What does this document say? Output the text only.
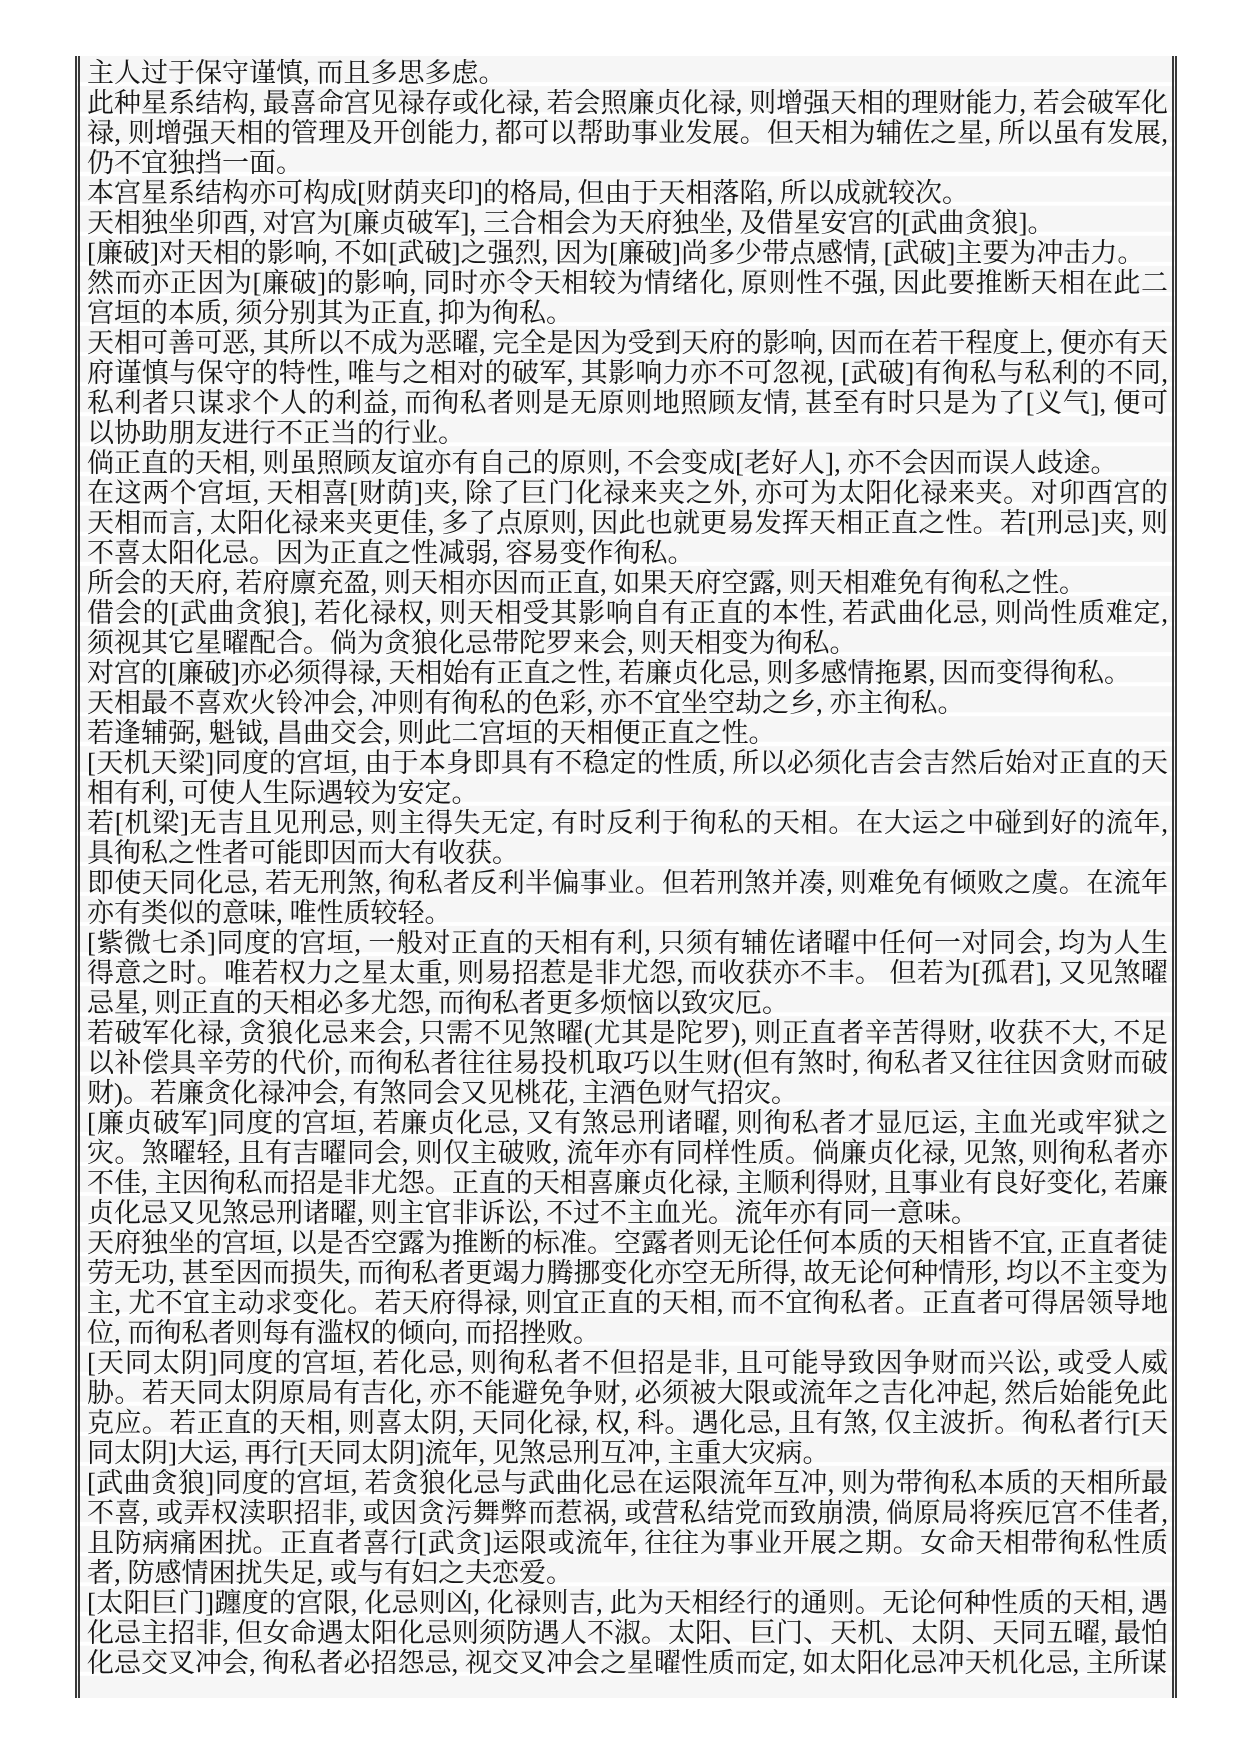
主人过于保守谨慎, 而且多思多虑。

此种星系结构, 最喜命宫见禄存或化禄, 若会照廉贞化禄, 则增强天相的理财能力, 若会破军化禄, 则增强天相的管理及开创能力, 都可以帮助事业发展。但天相为辅佐之星, 所以虽有发展, 仍不宜独挡一面。

本宫星系结构亦可构成[财荫夹印]的格局, 但由于天相落陷, 所以成就较次。

天相独坐卯酉, 对宫为[廉贞破军], 三合相会为天府独坐, 及借星安宫的[武曲贪狼]。

[廉破]对天相的影响, 不如[武破]之强烈, 因为[廉破]尚多少带点感情, [武破]主要为冲击力。

然而亦正因为[廉破]的影响, 同时亦令天相较为情绪化, 原则性不强, 因此要推断天相在此二宫垣的本质, 须分别其为正直, 抑为徇私。

天相可善可恶, 其所以不成为恶曜, 完全是因为受到天府的影响, 因而在若干程度上, 便亦有天府谨慎与保守的特性, 唯与之相对的破军, 其影响力亦不可忽视, [武破]有徇私与私利的不同, 私利者只谋求个人的利益, 而徇私者则是无原则地照顾友情, 甚至有时只是为了[义气], 便可以协助朋友进行不正当的行业。

倘正直的天相, 则虽照顾友谊亦有自己的原则, 不会变成[老好人], 亦不会因而误人歧途。

在这两个宫垣, 天相喜[财荫]夹, 除了巨门化禄来夹之外, 亦可为太阳化禄来夹。对卯酉宫的天相而言, 太阳化禄来夹更佳, 多了点原则, 因此也就更易发挥天相正直之性。若[刑忌]夹, 则不喜太阳化忌。因为正直之性减弱, 容易变作徇私。

所会的天府, 若府廪充盈, 则天相亦因而正直, 如果天府空露, 则天相难免有徇私之性。

借会的[武曲贪狼], 若化禄权, 则天相受其影响自有正直的本性, 若武曲化忌, 则尚性质难定, 须视其它星曜配合。倘为贪狼化忌带陀罗来会, 则天相变为徇私。

对宫的[廉破]亦必须得禄, 天相始有正直之性, 若廉贞化忌, 则多感情拖累, 因而变得徇私。

天相最不喜欢火铃冲会, 冲则有徇私的色彩, 亦不宜坐空劫之乡, 亦主徇私。

若逢辅弼, 魁钺, 昌曲交会, 则此二宫垣的天相便正直之性。

[天机天梁]同度的宫垣, 由于本身即具有不稳定的性质, 所以必须化吉会吉然后始对正直的天相有利, 可使人生际遇较为安定。

若[机梁]无吉且见刑忌, 则主得失无定, 有时反利于徇私的天相。在大运之中碰到好的流年, 具徇私之性者可能即因而大有收获。

即使天同化忌, 若无刑煞, 徇私者反利半偏事业。但若刑煞并凑, 则难免有倾败之虞。在流年亦有类似的意味, 唯性质较轻。

[紫微七杀]同度的宫垣, 一般对正直的天相有利, 只须有辅佐诸曜中任何一对同会, 均为人生得意之时。唯若权力之星太重, 则易招惹是非尤怨, 而收获亦不丰。 但若为[孤君], 又见煞曜忌星, 则正直的天相必多尤怨, 而徇私者更多烦恼以致灾厄。

若破军化禄, 贪狼化忌来会, 只需不见煞曜(尤其是陀罗), 则正直者辛苦得财, 收获不大, 不足以补偿具辛劳的代价, 而徇私者往往易投机取巧以生财(但有煞时, 徇私者又往往因贪财而破财)。若廉贪化禄冲会, 有煞同会又见桃花, 主酒色财气招灾。

[廉贞破军]同度的宫垣, 若廉贞化忌, 又有煞忌刑诸曜, 则徇私者才显厄运, 主血光或牢狱之灾。煞曜轻, 且有吉曜同会, 则仅主破败, 流年亦有同样性质。倘廉贞化禄, 见煞, 则徇私者亦不佳, 主因徇私而招是非尤怨。正直的天相喜廉贞化禄, 主顺利得财, 且事业有良好变化, 若廉贞化忌又见煞忌刑诸曜, 则主官非诉讼, 不过不主血光。流年亦有同一意味。

天府独坐的宫垣, 以是否空露为推断的标准。空露者则无论任何本质的天相皆不宜, 正直者徒劳无功, 甚至因而损失, 而徇私者更竭力腾挪变化亦空无所得, 故无论何种情形, 均以不主变为主, 尤不宜主动求变化。若天府得禄, 则宜正直的天相, 而不宜徇私者。正直者可得居领导地位, 而徇私者则每有滥权的倾向, 而招挫败。

[天同太阴]同度的宫垣, 若化忌, 则徇私者不但招是非, 且可能导致因争财而兴讼, 或受人威胁。若天同太阴原局有吉化, 亦不能避免争财, 必须被大限或流年之吉化冲起, 然后始能免此克应。若正直的天相, 则喜太阴, 天同化禄, 权, 科。遇化忌, 且有煞, 仅主波折。徇私者行[天同太阴]大运, 再行[天同太阴]流年, 见煞忌刑互冲, 主重大灾病。

[武曲贪狼]同度的宫垣, 若贪狼化忌与武曲化忌在运限流年互冲, 则为带徇私本质的天相所最不喜, 或弄权渎职招非, 或因贪污舞弊而惹祸, 或营私结党而致崩溃, 倘原局将疾厄宫不佳者, 且防病痛困扰。正直者喜行[武贪]运限或流年, 往往为事业开展之期。女命天相带徇私性质者, 防感情困扰失足, 或与有妇之夫恋爱。

[太阳巨门]躔度的宫限, 化忌则凶, 化禄则吉, 此为天相经行的通则。无论何种性质的天相, 遇化忌主招非, 但女命遇太阳化忌则须防遇人不淑。太阳、巨门、天机、太阴、天同五曜, 最怕化忌交叉冲会, 徇私者必招怨忌, 视交叉冲会之星曜性质而定, 如太阳化忌冲天机化忌, 主所谋
